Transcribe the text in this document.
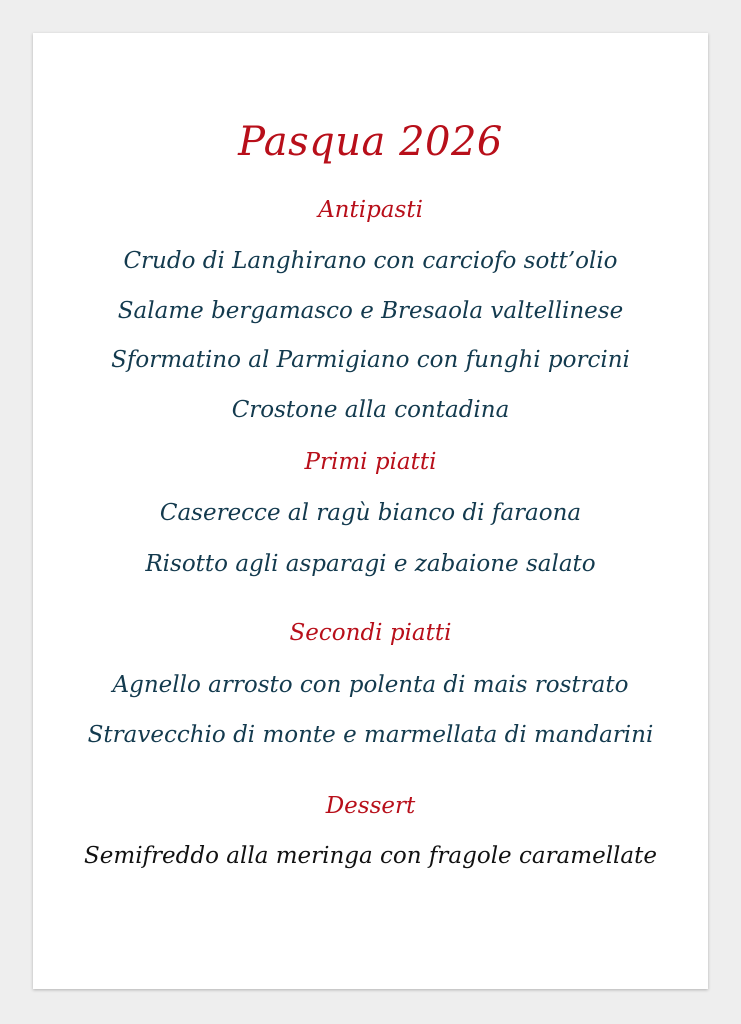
Pasqua 2026
Antipasti
Crudo di Langhirano con carciofo sott’olio
Salame bergamasco e Bresaola valtellinese
Sformatino al Parmigiano con funghi porcini
Crostone alla contadina
Primi piatti
Caserecce al ragù bianco di faraona
Risotto agli asparagi e zabaione salato
Secondi piatti
Agnello arrosto con polenta di mais rostrato
Stravecchio di monte e marmellata di mandarini
Dessert
Semifreddo alla meringa con fragole caramellate
